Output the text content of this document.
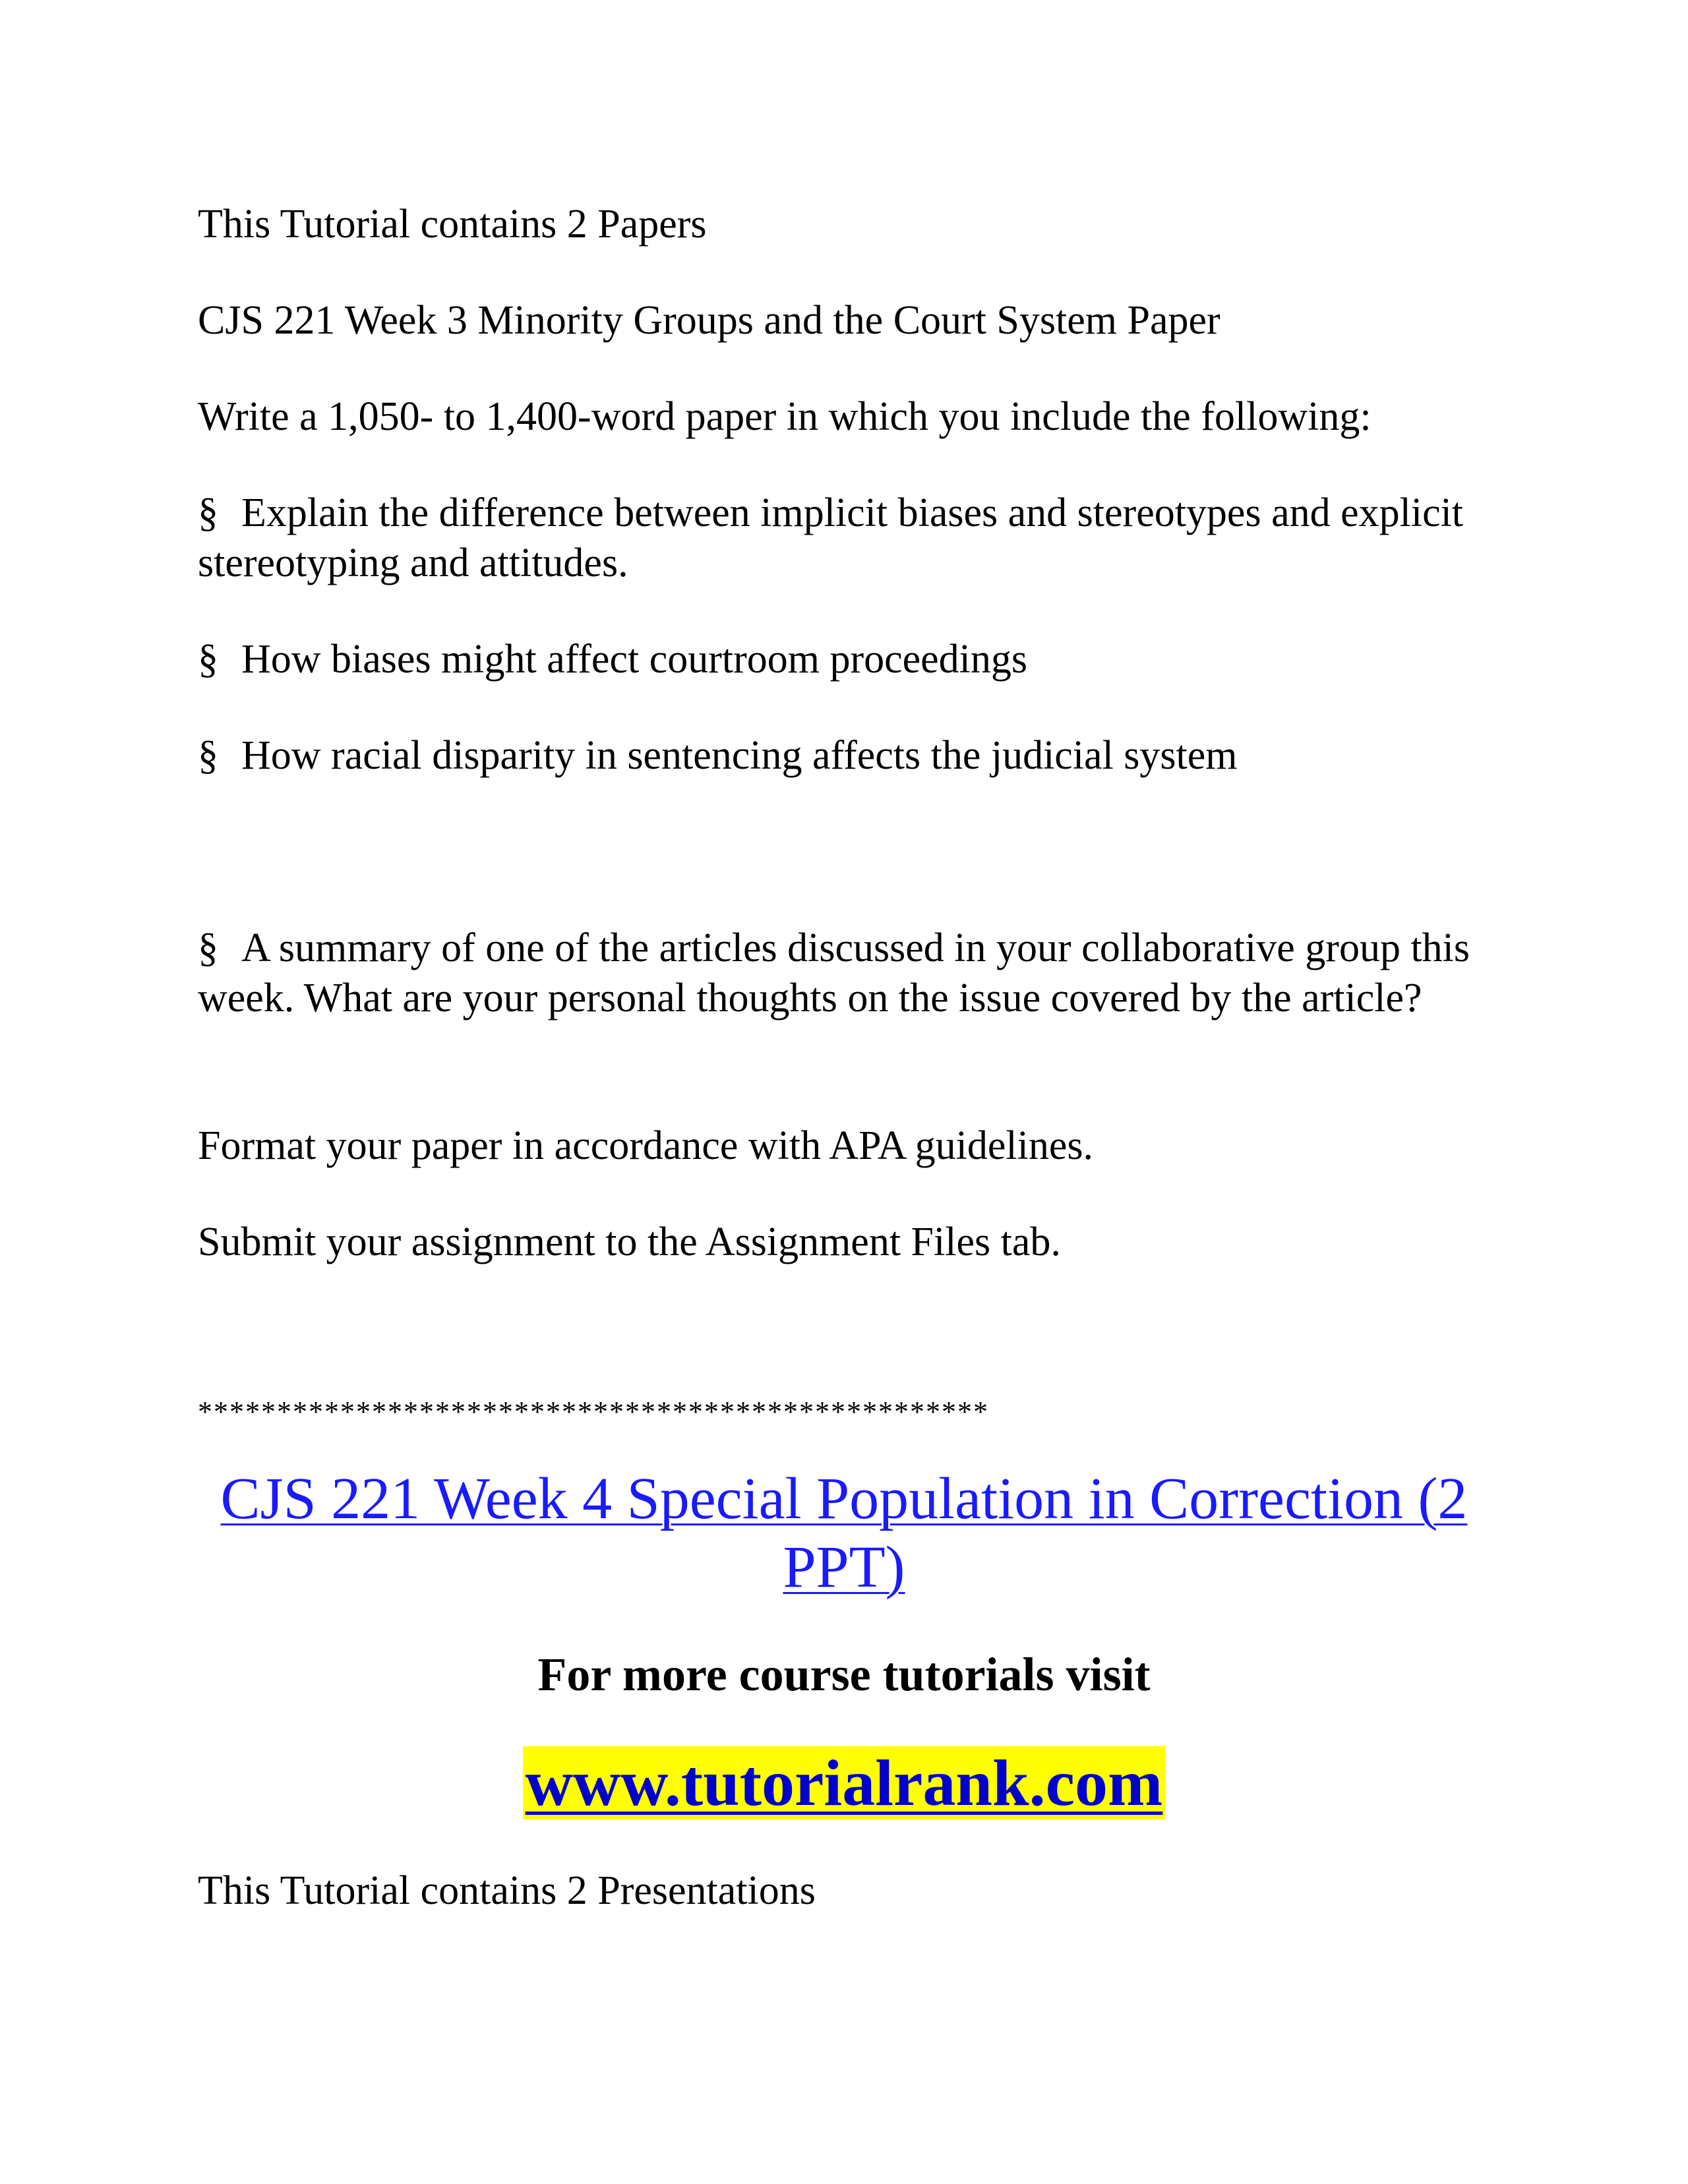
This Tutorial contains 2 Papers

CJS 221 Week 3 Minority Groups and the Court System Paper

Write a 1,050- to 1,400-word paper in which you include the following:

§ Explain the difference between implicit biases and stereotypes and explicit stereotyping and attitudes.

§ How biases might affect courtroom proceedings

§ How racial disparity in sentencing affects the judicial system

§ A summary of one of the articles discussed in your collaborative group this week. What are your personal thoughts on the issue covered by the article?

Format your paper in accordance with APA guidelines.

Submit your assignment to the Assignment Files tab.

**************************************************

CJS 221 Week 4 Special Population in Correction (2 PPT)

For more course tutorials visit

www.tutorialrank.com

This Tutorial contains 2 Presentations
